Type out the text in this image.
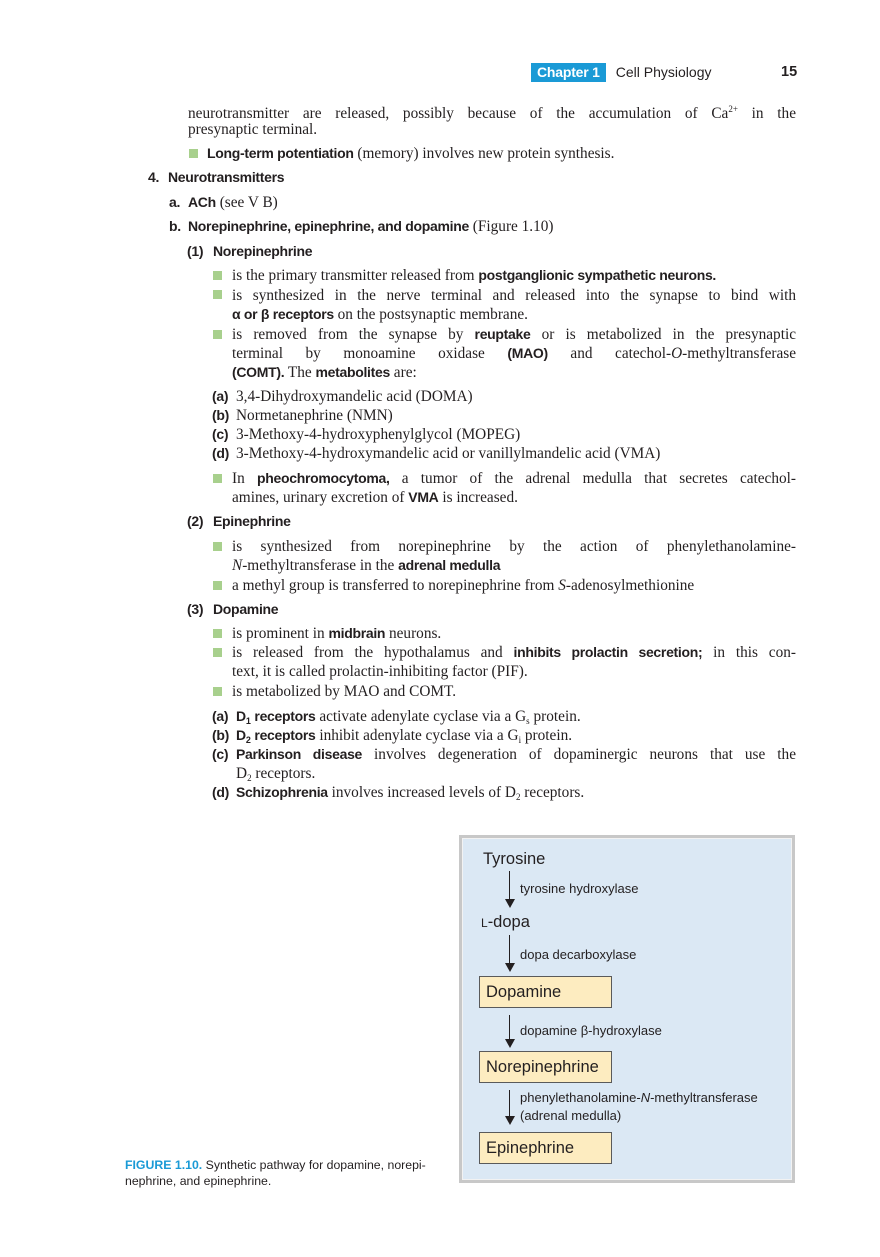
Chapter 1	Cell Physiology	15
neurotransmitter are released, possibly because of the accumulation of $Ca^{2+}$ in the
presynaptic terminal.
Long-term potentiation (memory) involves new protein synthesis.
4. Neurotransmitters
a. ACh (see V B)
b. Norepinephrine, epinephrine, and dopamine (Figure 1.10)
(1) Norepinephrine
is the primary transmitter released from postganglionic sympathetic neurons.
is synthesized in the nerve terminal and released into the synapse to bind with
α or β receptors on the postsynaptic membrane.
is removed from the synapse by reuptake or is metabolized in the presynaptic
terminal by monoamine oxidase (MAO) and catechol-O-methyltransferase
(COMT). The metabolites are:
(a) 3,4-Dihydroxymandelic acid (DOMA)
(b) Normetanephrine (NMN)
(c) 3-Methoxy-4-hydroxyphenylglycol (MOPEG)
(d) 3-Methoxy-4-hydroxymandelic acid or vanillylmandelic acid (VMA)
In pheochromocytoma, a tumor of the adrenal medulla that secretes catechol-
amines, urinary excretion of VMA is increased.
(2) Epinephrine
is synthesized from norepinephrine by the action of phenylethanolamine-
N-methyltransferase in the adrenal medulla
a methyl group is transferred to norepinephrine from S-adenosylmethionine
(3) Dopamine
is prominent in midbrain neurons.
is released from the hypothalamus and inhibits prolactin secretion; in this con-
text, it is called prolactin-inhibiting factor (PIF).
is metabolized by MAO and COMT.
(a) D1 receptors activate adenylate cyclase via a $G_s$ protein.
(b) D2 receptors inhibit adenylate cyclase via a $G_i$ protein.
(c) Parkinson disease involves degeneration of dopaminergic neurons that use the
$D_2$ receptors.
(d) Schizophrenia involves increased levels of $D_2$ receptors.
Tyrosine
tyrosine hydroxylase
L-dopa
dopa decarboxylase
Dopamine
dopamine β-hydroxylase
Norepinephrine
phenylethanolamine-N-methyltransferase
(adrenal medulla)
Epinephrine
FIGURE 1.10. Synthetic pathway for dopamine, norepi-
nephrine, and epinephrine.
